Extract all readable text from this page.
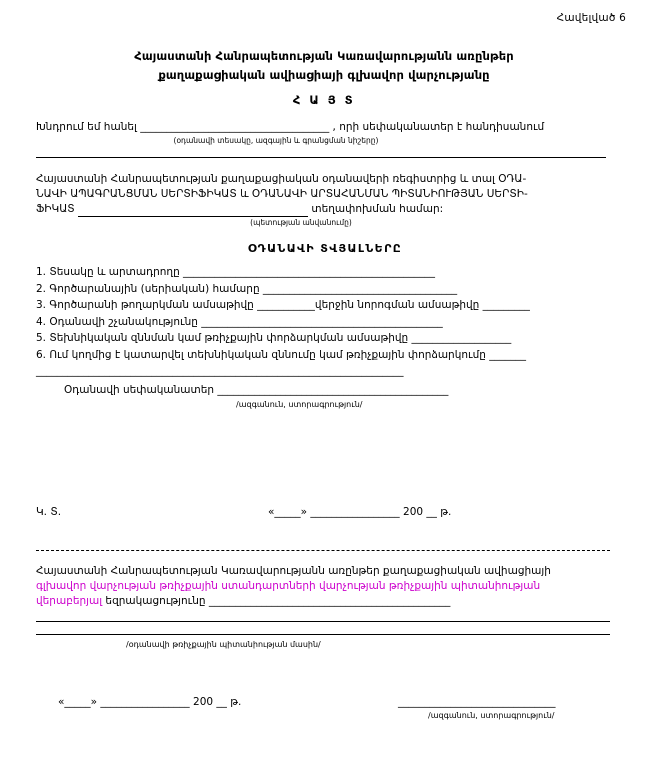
Հավելված 6
Հայաստանի Հանրապետության Կառավարությանն առընթեր
քաղաքացիական ավիացիայի գլխավոր վարչությանը
Հ Ա Յ Տ
Խնդրում եմ հանել ____________________________________ , որի սեփականատեր է հանդիսանում
(օդանավի տեսակը, ազգային և գրանցման նիշերը)
Հայաստանի Հանրապետության քաղաքացիական օդանավերի ռեգիստրից և տալ ՕԴԱ-
ՆԱՎԻ ԱՊԱԳՐԱՆՑՄԱՆ ՍԵՐՏԻՖԻԿԱՏ և ՕԴԱՆԱՎԻ ԱՐՏԱՀԱՆՄԱՆ ՊԻՏԱՆԻՈՒԹՅԱՆ ՍԵՐՏԻ-
ՖԻԿԱՏ	տեղափոխման համար:
(պետության անվանումը)
ՕԴԱՆԱՎԻ ՏՎՅԱԼՆԵՐԸ
1. Տեսակը և արտադրողը ________________________________________________
2. Գործարանային (սերիական) համարը _____________________________________
3. Գործարանի թողարկման ամսաթիվը ___________վերջին նորոգման ամսաթիվը _________
4. Օդանավի շչանակությունը ______________________________________________
5. Տեխնիկական զննման կամ թռիչքային փորձարկման ամսաթիվը ___________________
6. Ում կողմից է կատարվել տեխնիկական զննումը կամ թռիչքային փորձարկումը _______
______________________________________________________________________
Օդանավի սեփականատեր ____________________________________________
/ազգանուն, ստորագրություն/
Կ. Տ.	«_____» _________________ 200 __ թ.
Հայաստանի Հանրապետության Կառավարությանն առընթեր քաղաքացիական ավիացիայի
գլխավոր վարչության թռիչքային ստանդարտների վարչության թռիչքային պիտանիության
վերաբերյալ եզրակացությունը ______________________________________________
/օդանավի թռիչքային պիտանիության մասին/
«_____» _________________ 200 __ թ.	______________________________
/ազգանուն, ստորագրություն/
